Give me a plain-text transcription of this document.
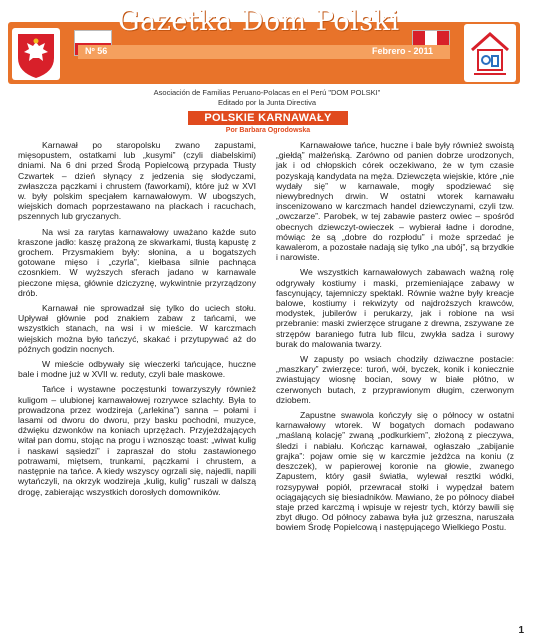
Gazetka Dom Polski
Nº 56	Febrero - 2011
Asociación de Familias Peruano-Polacas en el Perú "DOM POLSKI"
Editado por la Junta Directiva
POLSKIE KARNAWAŁY
Por Barbara Ogrodowska

Karnawał po staropolsku zwano zapustami, mięsopustem, ostatkami lub „kusymi” (czyli diabelskimi) dniami. Na 6 dni przed Środą Popielcową przypada Tłusty Czwartek – dzień słynący z jedzenia się słodyczami, zwłaszcza pączkami i chrustem (faworkami), które już w XVI w. były polskim specjałem karnawałowym. W ubogszych, wiejskich domach poprzestawano na plackach i racuchach, pszennych lub gryczanych.

Na wsi za rarytas karnawałowy uważano każde suto kraszone jadło: kaszę prażoną ze skwarkami, tłustą kapustę z grochem. Przysmakiem były: słonina, a u bogatszych gotowane mięso i „czyrla”, kiełbasa silnie pachnąca czosnkiem. W wyższych sferach jadano w karnawale pieczone mięsa, głównie dziczyznę, wykwintnie przyrządzony drób.

Karnawał nie sprowadzał się tylko do uciech stołu. Upływał głównie pod znakiem zabaw z tańcami, we wszystkich stanach, na wsi i w mieście. W karczmach wiejskich można było tańczyć, skakać i przytupywać aż do późnych godzin nocnych.

W mieście odbywały się wieczerki tańcujące, huczne bale i modne już w XVII w. reduty, czyli bale maskowe.

Tańce i wystawne poczęstunki towarzyszyły również kuligom – ulubionej karnawałowej rozrywce szlachty. Była to prowadzona przez wodzireja („arlekina”) sanna – połami i lasami od dworu do dworu, przy basku pochodni, muzyce, dźwięku dzwonków na koniach uprzężach. Przyjeżdżających witał pan domu, stojąc na progu i wznosząc toast: „wiwat kulig i naskawi sąsiedzi” i zapraszał do stołu zastawionego potrawami, miętsem, trunkami, pączkami i chrustem, a następnie na tańce. A kiedy wszyscy ogrzali się, najedli, napili wytańczyli, na okrzyk wodzireja „kulig, kulig” ruszali w dalszą drogę, zabierając wszystkich dorosłych domowników.

Karnawałowe tańce, huczne i bale były również swoistą „giełdą” małżeńską. Zarówno od panien dobrze urodzonych, jak i od chłopskich córek oczekiwano, że w tym czasie pozyskają kandydata na męża. Dziewczęta wiejskie, które „nie wydały się” w karnawale, mogły spodziewać się niewybrednych drwin. W ostatni wtorek karnawału inscenizowano w karczmach handel dziewczynami, czyli tzw. „owczarze”. Parobek, w tej zabawie pasterz owiec – spośród obecnych dziewczyt-owieczek – wybierał ładne i dorodne, mówiąc że są „dobre do rozpłodu” i może sprzedać je kawalerom, a pozostałe nadają się tylko „na ubój”, są brzydkie i narowiste.

We wszystkich karnawałowych zabawach ważną rolę odgrywały kostiumy i maski, przemieniające zabawy w fascynujący, tajemniczy spektakl. Równie ważne były kreacje balowe, kostiumy i rekwizyty od najdroższych krawców, modystek, jubilerów i perukarzy, jak i robione na wsi przebranie: maski zwierzęce strugane z drewna, zszywane ze strzępów baraniego futra lub filcu, zwykła sadza i surowy burak do malowania twarzy.

W zapusty po wsiach chodziły dziwaczne postacie: „maszkary” zwierzęce: turoń, wół, byczek, konik i koniecznie zwiastujący wiosnę bocian, sowy w białe płótno, w czerwonych butach, z przyprawionym długim, czerwonym dziobem.

Zapustne swawola kończyły się o północy w ostatni karnawałowy wtorek. W bogatych domach podawano „maślaną kolację” zwaną „podkurkiem”, złożoną z pieczywa, śledzi i nabiału. Kończąc karnawał, ogłaszało „zabijanie grajka”: pojaw omie się w karczmie jeżdżca na koniu (z deszczek), w papierowej koronie na głowie, zwanego Zapustem, który gasił światła, wylewał resztki wódki, rozsypywał popiół, przewracał stołki i wypędzał batem ociągających się biesiadników. Mawiano, że po północy diabeł staje przed karczmą i wpisuje w rejestr tych, którzy bawili się zbyt długo. Od północy zabawa była już grzeszna, naruszała bowiem Środę Popielcową i następującego Wielkiego Postu.

1
